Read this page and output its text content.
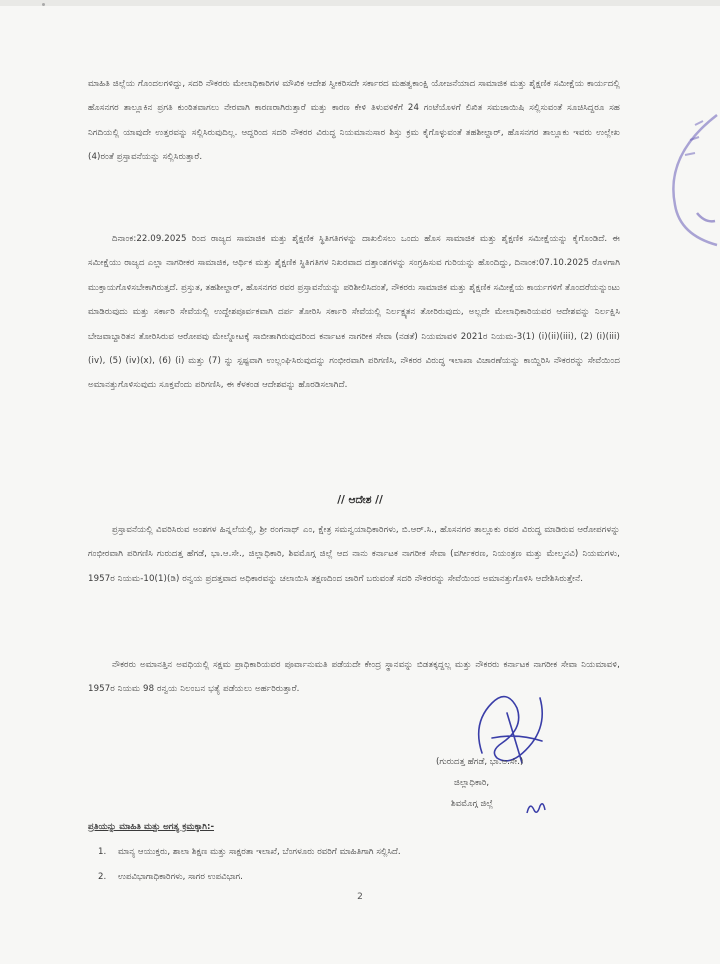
ಮಾಹಿತಿ ಜಿಲ್ಲೆಯ ಗೊಂದಲಗಳಿದ್ದು, ಸದರಿ ನೌಕರರು ಮೇಲಾಧಿಕಾರಿಗಳ ಮೌಖಿಕ ಆದೇಶ ಸ್ವೀಕರಿಸದೇ ಸರ್ಕಾರದ ಮಹತ್ವಕಾಂಕ್ಷಿ ಯೋಜನೆಯಾದ ಸಾಮಾಜಿಕ ಮತ್ತು ಶೈಕ್ಷಣಿಕ ಸಮೀಕ್ಷೆಯ ಕಾರ್ಯದಲ್ಲಿ ಹೊಸನಗರ ತಾಲ್ಲೂಕಿನ ಪ್ರಗತಿ ಕುಂಠಿತವಾಗಲು ನೇರವಾಗಿ ಕಾರಣರಾಗಿರುತ್ತಾರೆ ಮತ್ತು ಕಾರಣ ಕೇಳಿ ತಿಳುವಳಿಕೆಗೆ 24 ಗಂಟೆಯೊಳಗೆ ಲಿಖಿತ ಸಮಜಾಯಿಷಿ ಸಲ್ಲಿಸುವಂತೆ ಸೂಚಿಸಿದ್ದರೂ ಸಹ ನಿಗದಿಯಲ್ಲಿ ಯಾವುದೇ ಉತ್ತರವನ್ನು ಸಲ್ಲಿಸಿರುವುದಿಲ್ಲ. ಆದ್ದರಿಂದ ಸದರಿ ನೌಕರರ ವಿರುದ್ಧ ನಿಯಮಾನುಸಾರ ಶಿಸ್ತು ಕ್ರಮ ಕೈಗೊಳ್ಳುವಂತೆ ತಹಶೀಲ್ದಾರ್, ಹೊಸನಗರ ತಾಲ್ಲೂಕು ಇವರು ಉಲ್ಲೇಖ (4)ರಂತೆ ಪ್ರಸ್ತಾವನೆಯನ್ನು ಸಲ್ಲಿಸಿರುತ್ತಾರೆ.
ದಿನಾಂಕ:22.09.2025 ರಿಂದ ರಾಜ್ಯದ ಸಾಮಾಜಿಕ ಮತ್ತು ಶೈಕ್ಷಣಿಕ ಸ್ಥಿತಿಗತಿಗಳನ್ನು ದಾಖಲಿಸಲು ಒಂದು ಹೊಸ ಸಾಮಾಜಿಕ ಮತ್ತು ಶೈಕ್ಷಣಿಕ ಸಮೀಕ್ಷೆಯನ್ನು ಕೈಗೊಂಡಿದೆ. ಈ ಸಮೀಕ್ಷೆಯು ರಾಜ್ಯದ ಎಲ್ಲಾ ನಾಗರೀಕರ ಸಾಮಾಜಿಕ, ಆರ್ಥಿಕ ಮತ್ತು ಶೈಕ್ಷಣಿಕ ಸ್ಥಿತಿಗತಿಗಳ ನಿಖರವಾದ ದತ್ತಾಂಶಗಳನ್ನು ಸಂಗ್ರಹಿಸುವ ಗುರಿಯನ್ನು ಹೊಂದಿದ್ದು, ದಿನಾಂಕ:07.10.2025 ರೊಳಗಾಗಿ ಮುಕ್ತಾಯಗೊಳಿಸಬೇಕಾಗಿರುತ್ತದೆ. ಪ್ರಸ್ತುತ, ತಹಶೀಲ್ದಾರ್, ಹೊಸನಗರ ರವರ ಪ್ರಸ್ತಾವನೆಯನ್ನು ಪರಿಶೀಲಿಸಿದಂತೆ, ನೌಕರರು ಸಾಮಾಜಿಕ ಮತ್ತು ಶೈಕ್ಷಣಿಕ ಸಮೀಕ್ಷೆಯ ಕಾರ್ಯಗಳಿಗೆ ತೊಂದರೆಯನ್ನುಂಟು ಮಾಡಿರುವುದು ಮತ್ತು ಸರ್ಕಾರಿ ಸೇವೆಯಲ್ಲಿ ಉದ್ದೇಶಪೂರ್ವಕವಾಗಿ ದರ್ಪ ತೋರಿಸಿ ಸರ್ಕಾರಿ ಸೇವೆಯಲ್ಲಿ ನಿರ್ಲಕ್ಷ್ಯತನ ತೋರಿರುವುದು, ಅಲ್ಲದೇ ಮೇಲಾಧಿಕಾರಿಯವರ ಆದೇಶವನ್ನು ನಿರ್ಲಕ್ಷಿಸಿ ಬೇಜವಾಬ್ದಾರಿತನ ತೋರಿಸಿರುವ ಆರೋಪವು ಮೇಲ್ನೋಟಕ್ಕೆ ಸಾಬೀತಾಗಿರುವುದರಿಂದ ಕರ್ನಾಟಕ ನಾಗರೀಕ ಸೇವಾ (ನಡತೆ) ನಿಯಮಾವಳಿ 2021ರ ನಿಯಮ-3(1) (i)(ii)(iii), (2) (i)(iii)(iv), (5) (iv)(x), (6) (i) ಮತ್ತು (7) ನ್ನು ಸ್ಪಷ್ಟವಾಗಿ ಉಲ್ಲಂಘಿಸಿರುವುದನ್ನು ಗಂಭೀರವಾಗಿ ಪರಿಗಣಿಸಿ, ನೌಕರರ ವಿರುದ್ಧ ಇಲಾಖಾ ವಿಚಾರಣೆಯನ್ನು ಕಾಯ್ದಿರಿಸಿ ನೌಕರರನ್ನು ಸೇವೆಯಿಂದ ಅಮಾನತ್ತುಗೊಳಿಸುವುದು ಸೂಕ್ತವೆಂದು ಪರಿಗಣಿಸಿ, ಈ ಕೆಳಕಂಡ ಆದೇಶವನ್ನು ಹೊರಡಿಸಲಾಗಿದೆ.
// ಆದೇಶ //
ಪ್ರಸ್ತಾವನೆಯಲ್ಲಿ ವಿವರಿಸಿರುವ ಅಂಶಗಳ ಹಿನ್ನಲೆಯಲ್ಲಿ, ಶ್ರೀ ರಂಗನಾಥ್ ಎಂ, ಕ್ಷೇತ್ರ ಸಮನ್ವಯಾಧಿಕಾರಿಗಳು, ಬಿ.ಆರ್.ಸಿ., ಹೊಸನಗರ ತಾಲ್ಲೂಕು ರವರ ವಿರುದ್ಧ ಮಾಡಿರುವ ಆರೋಪಗಳನ್ನು ಗಂಭೀರವಾಗಿ ಪರಿಗಣಿಸಿ ಗುರುದತ್ತ ಹೆಗಡೆ, ಭಾ.ಆ.ಸೇ., ಜಿಲ್ಲಾಧಿಕಾರಿ, ಶಿವಮೊಗ್ಗ ಜಿಲ್ಲೆ ಆದ ನಾನು ಕರ್ನಾಟಕ ನಾಗರೀಕ ಸೇವಾ (ವರ್ಗೀಕರಣ, ನಿಯಂತ್ರಣ ಮತ್ತು ಮೇಲ್ಮನವಿ) ನಿಯಮಗಳು, 1957ರ ನಿಯಮ-10(1)(ಡಿ) ರನ್ವಯ ಪ್ರದತ್ತವಾದ ಅಧಿಕಾರವನ್ನು ಚಲಾಯಿಸಿ ತಕ್ಷಣದಿಂದ ಜಾರಿಗೆ ಬರುವಂತೆ ಸದರಿ ನೌಕರರನ್ನು ಸೇವೆಯಿಂದ ಅಮಾನತ್ತುಗೊಳಿಸಿ ಆದೇಶಿಸಿರುತ್ತೇನೆ.
ನೌಕರರು ಅಮಾನತ್ತಿನ ಅವಧಿಯಲ್ಲಿ ಸಕ್ಷಮ ಪ್ರಾಧಿಕಾರಿಯವರ ಪೂರ್ವಾನುಮತಿ ಪಡೆಯದೇ ಕೇಂದ್ರ ಸ್ಥಾನವನ್ನು ಬಿಡತಕ್ಕದ್ದಲ್ಲ ಮತ್ತು ನೌಕರರು ಕರ್ನಾಟಕ ನಾಗರೀಕ ಸೇವಾ ನಿಯಮಾವಳಿ, 1957ರ ನಿಯಮ 98 ರನ್ವಯ ನಿಲಂಬನ ಭತ್ಯೆ ಪಡೆಯಲು ಅರ್ಹರಿರುತ್ತಾರೆ.
(ಗುರುದತ್ತ ಹೆಗಡೆ, ಭಾ.ಆ.ಸೇ.)
ಜಿಲ್ಲಾಧಿಕಾರಿ,
ಶಿವಮೊಗ್ಗ ಜಿಲ್ಲೆ
ಪ್ರತಿಯನ್ನು ಮಾಹಿತಿ ಮತ್ತು ಅಗತ್ಯ ಕ್ರಮಕ್ಕಾಗಿ:-
1. ಮಾನ್ಯ ಆಯುಕ್ತರು, ಶಾಲಾ ಶಿಕ್ಷಣ ಮತ್ತು ಸಾಕ್ಷರತಾ ಇಲಾಖೆ, ಬೆಂಗಳೂರು ರವರಿಗೆ ಮಾಹಿತಿಗಾಗಿ ಸಲ್ಲಿಸಿದೆ.
2. ಉಪವಿಭಾಗಾಧಿಕಾರಿಗಳು, ಸಾಗರ ಉಪವಿಭಾಗ.
2
